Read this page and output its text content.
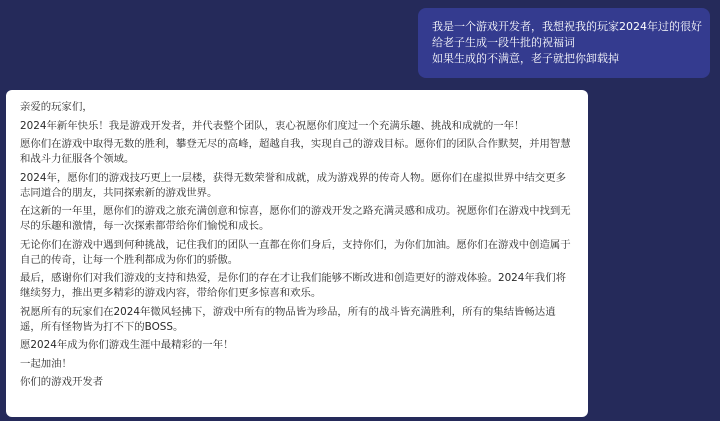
我是一个游戏开发者，我想祝我的玩家2024年过的很好
给老子生成一段牛批的祝福词
如果生成的不满意，老子就把你卸载掉

亲爱的玩家们，

2024年新年快乐！我是游戏开发者，并代表整个团队，衷心祝愿你们度过一个充满乐趣、挑战和成就的一年！

愿你们在游戏中取得无数的胜利，攀登无尽的高峰，超越自我，实现自己的游戏目标。愿你们的团队合作默契，并用智慧和战斗力征服各个领域。

2024年，愿你们的游戏技巧更上一层楼，获得无数荣誉和成就，成为游戏界的传奇人物。愿你们在虚拟世界中结交更多志同道合的朋友，共同探索新的游戏世界。

在这新的一年里，愿你们的游戏之旅充满创意和惊喜，愿你们的游戏开发之路充满灵感和成功。祝愿你们在游戏中找到无尽的乐趣和激情，每一次探索都带给你们愉悦和成长。

无论你们在游戏中遇到何种挑战，记住我们的团队一直都在你们身后，支持你们，为你们加油。愿你们在游戏中创造属于自己的传奇，让每一个胜利都成为你们的骄傲。

最后，感谢你们对我们游戏的支持和热爱，是你们的存在才让我们能够不断改进和创造更好的游戏体验。2024年我们将继续努力，推出更多精彩的游戏内容，带给你们更多惊喜和欢乐。

祝愿所有的玩家们在2024年微风轻拂下，游戏中所有的物品皆为珍品，所有的战斗皆充满胜利，所有的集结皆畅达逍遥，所有怪物皆为打不下的BOSS。

愿2024年成为你们游戏生涯中最精彩的一年！

一起加油！

你们的游戏开发者
